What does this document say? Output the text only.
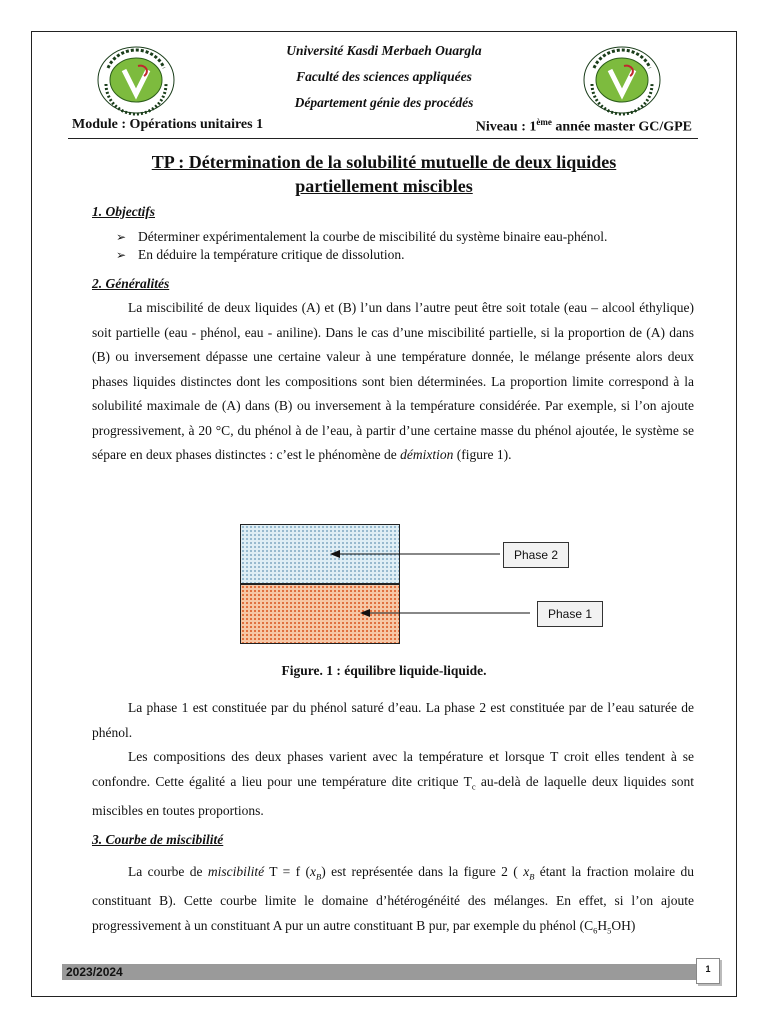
Université Kasdi Merbaeh Ouargla
Faculté des sciences appliquées
Département génie des procédés
Module : Opérations unitaires 1	Niveau : 1ème année master GC/GPE
TP : Détermination de la solubilité mutuelle de deux liquides
partiellement miscibles
1. Objectifs
➢ Déterminer expérimentalement la courbe de miscibilité du système binaire eau-phénol.
➢ En déduire la température critique de dissolution.
2. Généralités

La miscibilité de deux liquides (A) et (B) l’un dans l’autre peut être soit totale (eau – alcool éthylique) soit partielle (eau - phénol, eau - aniline). Dans le cas d’une miscibilité partielle, si la proportion de (A) dans (B) ou inversement dépasse une certaine valeur à une température donnée, le mélange présente alors deux phases liquides distinctes dont les compositions sont bien déterminées. La proportion limite correspond à la solubilité maximale de (A) dans (B) ou inversement à la température considérée. Par exemple, si l’on ajoute progressivement, à 20 °C, du phénol à de l’eau, à partir d’une certaine masse du phénol ajoutée, le système se sépare en deux phases distinctes : c’est le phénomène de démixtion (figure 1).

Phase 2
Phase 1
Figure. 1 : équilibre liquide-liquide.

La phase 1 est constituée par du phénol saturé d’eau. La phase 2 est constituée par de l’eau saturée de phénol.

Les compositions des deux phases varient avec la température et lorsque T croit elles tendent à se confondre. Cette égalité a lieu pour une température dite critique $T_c$ au-delà de laquelle deux liquides sont miscibles en toutes proportions.

3. Courbe de miscibilité

La courbe de miscibilité T = f $(x_B)$ est représentée dans la figure 2 ( $x_B$ étant la fraction molaire du constituant B). Cette courbe limite le domaine d’hétérogénéité des mélanges. En effet, si l’on ajoute progressivement à un constituant A pur un autre constituant B pur, par exemple du phénol $(C_6H_5OH)$

2023/2024	1
